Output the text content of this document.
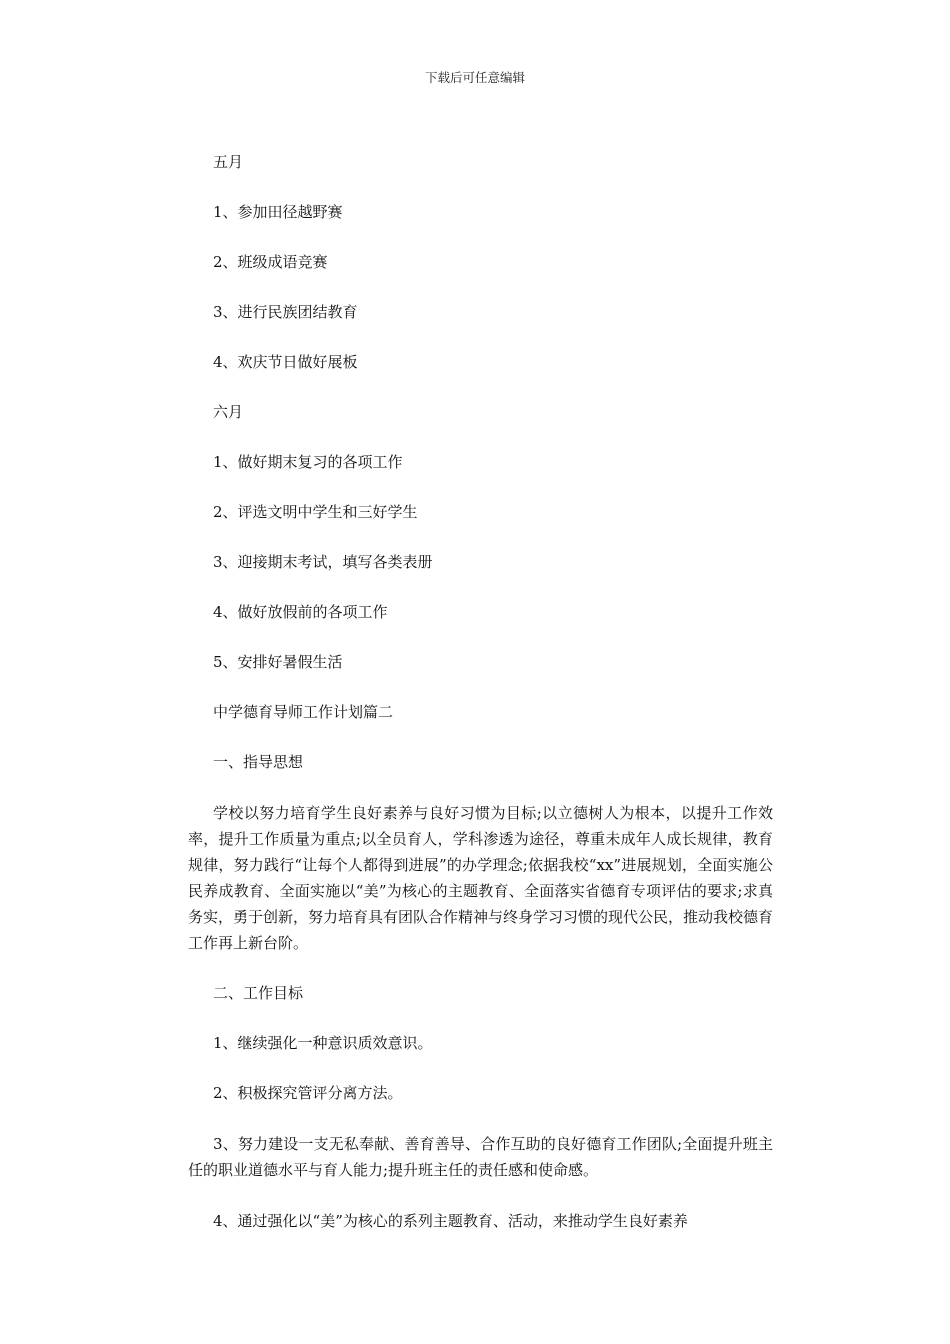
下载后可任意编辑

五月

1、参加田径越野赛

2、班级成语竞赛

3、进行民族团结教育

4、欢庆节日做好展板

六月

1、做好期末复习的各项工作

2、评选文明中学生和三好学生

3、迎接期末考试，填写各类表册

4、做好放假前的各项工作

5、安排好暑假生活

中学德育导师工作计划篇二

一、指导思想

学校以努力培育学生良好素养与良好习惯为目标;以立德树人为根本，以提升工作效率，提升工作质量为重点;以全员育人，学科渗透为途径，尊重未成年人成长规律，教育规律，努力践行“让每个人都得到进展”的办学理念;依据我校“xx”进展规划，全面实施公民养成教育、全面实施以“美”为核心的主题教育、全面落实省德育专项评估的要求;求真务实，勇于创新，努力培育具有团队合作精神与终身学习习惯的现代公民，推动我校德育工作再上新台阶。

二、工作目标

1、继续强化一种意识质效意识。

2、积极探究管评分离方法。

3、努力建设一支无私奉献、善育善导、合作互助的良好德育工作团队;全面提升班主任的职业道德水平与育人能力;提升班主任的责任感和使命感。

4、通过强化以“美”为核心的系列主题教育、活动，来推动学生良好素养
